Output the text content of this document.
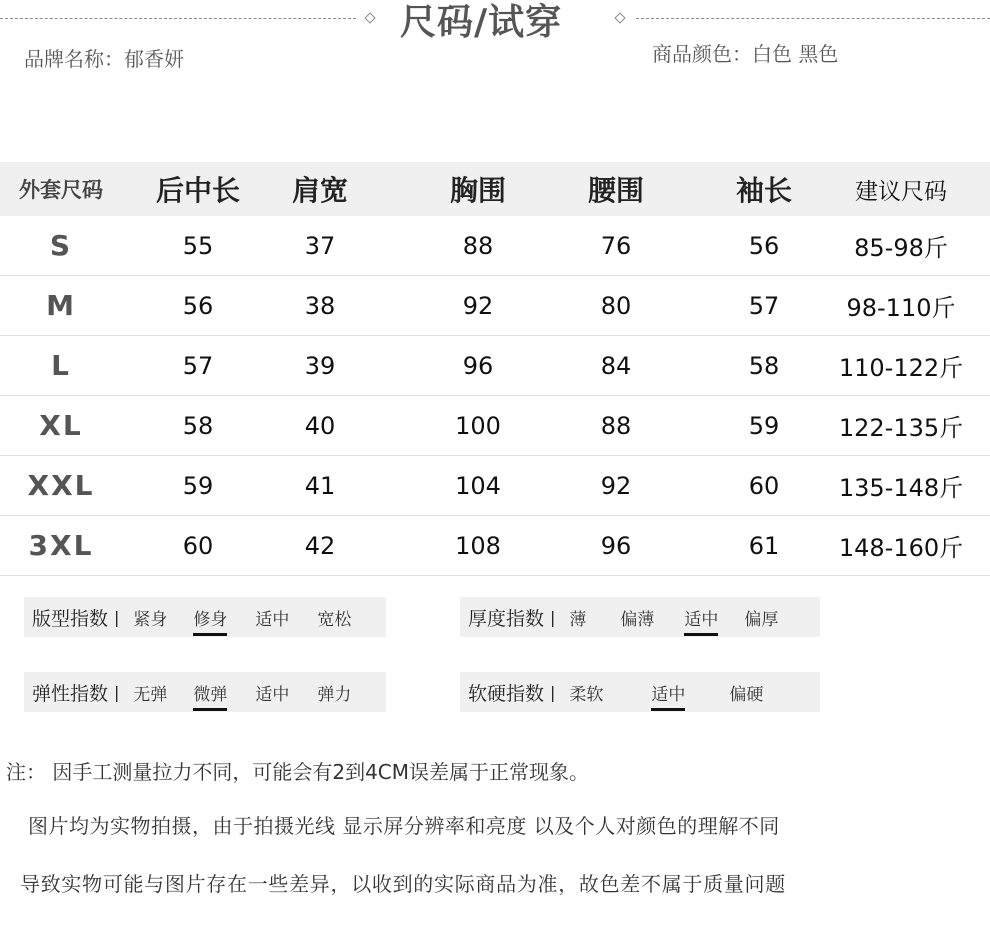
尺码/试穿
品牌名称：郁香妍	商品颜色：白色 黑色
外套尺码	后中长	肩宽	胸围	腰围	袖长	建议尺码
S	55	37	88	76	56	85-98斤
M	56	38	92	80	57	98-110斤
L	57	39	96	84	58	110-122斤
XL	58	40	100	88	59	122-135斤
XXL	59	41	104	92	60	135-148斤
3XL	60	42	108	96	61	148-160斤
版型指数 | 紧身 修身 适中 宽松	厚度指数 | 薄 偏薄 适中 偏厚
弹性指数 | 无弹 微弹 适中 弹力	软硬指数 | 柔软	适中	偏硬
注： 因手工测量拉力不同，可能会有2到4CM误差属于正常现象。
图片均为实物拍摄，由于拍摄光线 显示屏分辨率和亮度 以及个人对颜色的理解不同
导致实物可能与图片存在一些差异，以收到的实际商品为准，故色差不属于质量问题
